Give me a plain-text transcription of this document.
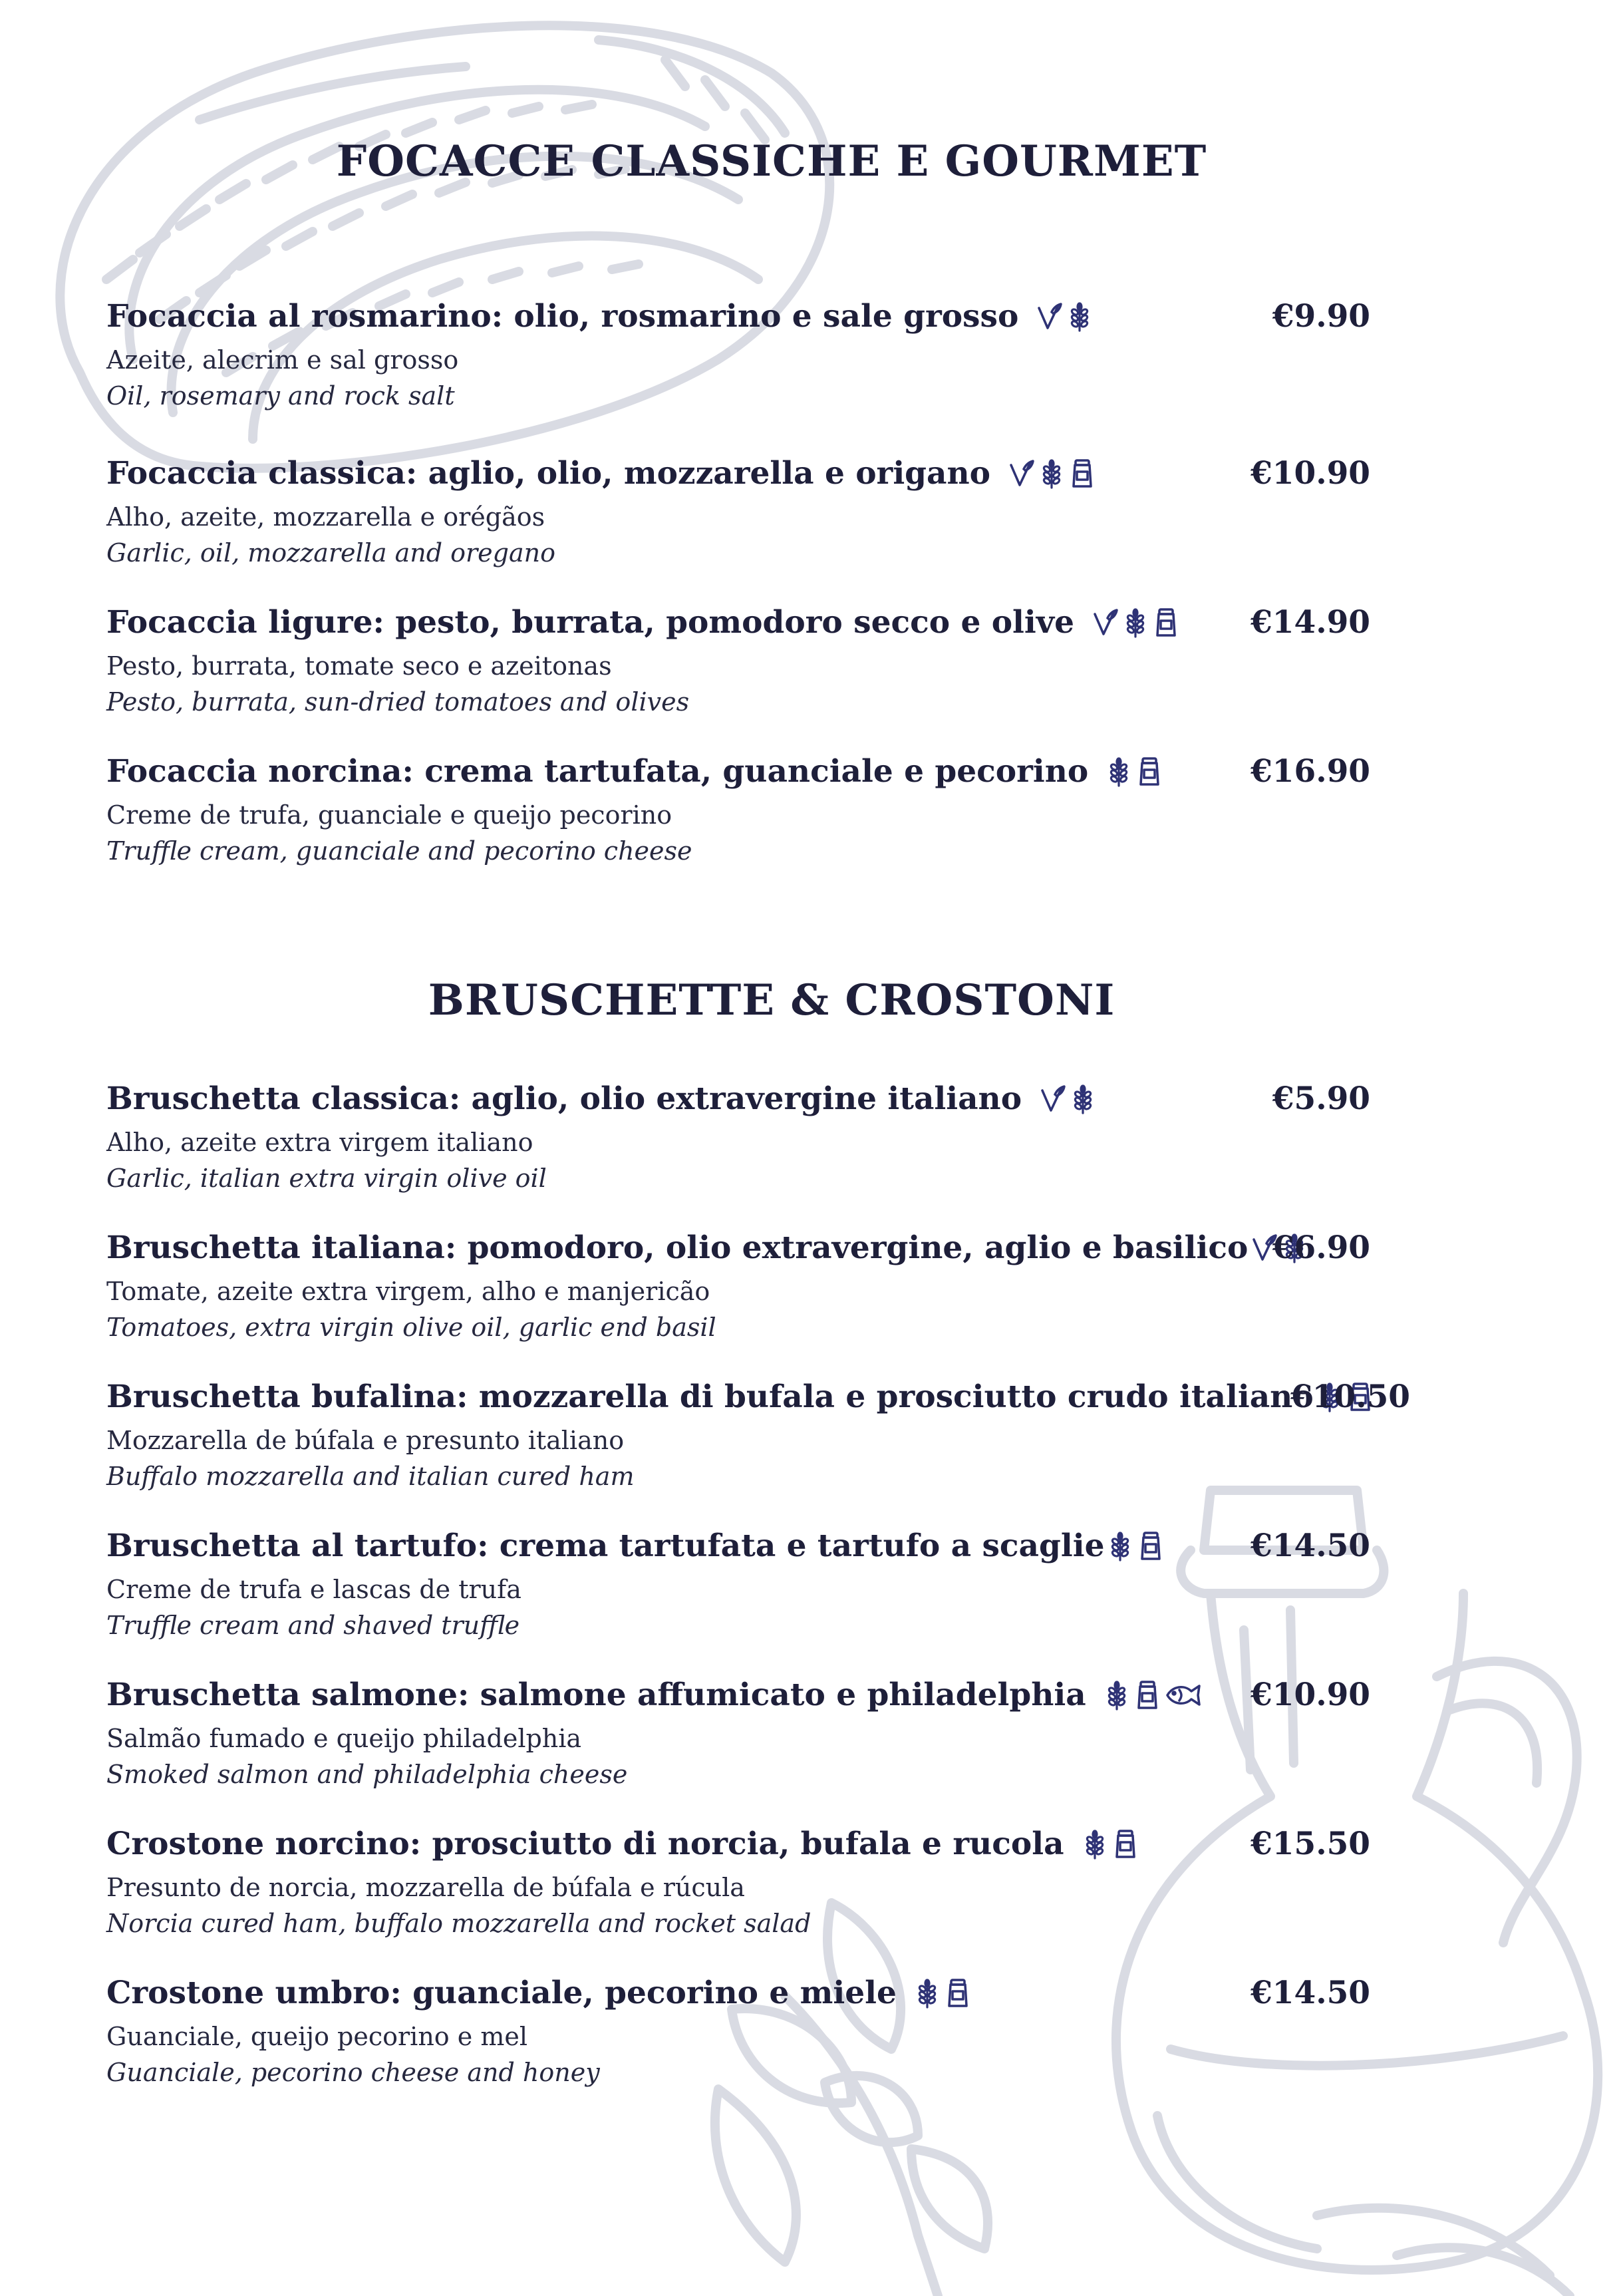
FOCACCE CLASSICHE E GOURMET
Focaccia al rosmarino: olio, rosmarino e sale grosso	€9.90

Azeite, alecrim e sal grosso

Oil, rosemary and rock salt

Focaccia classica: aglio, olio, mozzarella e origano	€10.90

Alho, azeite, mozzarella e orégãos

Garlic, oil, mozzarella and oregano

Focaccia ligure: pesto, burrata, pomodoro secco e olive	€14.90

Pesto, burrata, tomate seco e azeitonas

Pesto, burrata, sun-dried tomatoes and olives

Focaccia norcina: crema tartufata, guanciale e pecorino	€16.90

Creme de trufa, guanciale e queijo pecorino

Truffle cream, guanciale and pecorino cheese

BRUSCHETTE & CROSTONI
Bruschetta classica: aglio, olio extravergine italiano	€5.90

Alho, azeite extra virgem italiano

Garlic, italian extra virgin olive oil

Bruschetta italiana: pomodoro, olio extravergine, aglio e basilico €6.90

Tomate, azeite extra virgem, alho e manjericão

Tomatoes, extra virgin olive oil, garlic end basil

Bruschetta bufalina: mozzarella di bufala e prosciutto crudo italiano
€10.50

Mozzarella de búfala e presunto italiano

Buffalo mozzarella and italian cured ham

Bruschetta al tartufo: crema tartufata e tartufo a scaglie	€14.50

Creme de trufa e lascas de trufa

Truffle cream and shaved truffle

Bruschetta salmone: salmone affumicato e philadelphia	€10.90

Salmão fumado e queijo philadelphia

Smoked salmon and philadelphia cheese

Crostone norcino: prosciutto di norcia, bufala e rucola	€15.50

Presunto de norcia, mozzarella de búfala e rúcula

Norcia cured ham, buffalo mozzarella and rocket salad

Crostone umbro: guanciale, pecorino e miele	€14.50

Guanciale, queijo pecorino e mel

Guanciale, pecorino cheese and honey
